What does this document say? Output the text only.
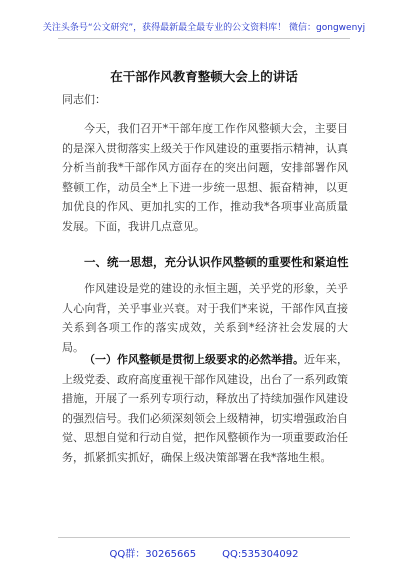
关注头条号“公文研究”，获得最新最全最专业的公文资料库！ 微信：gongwenyj
在干部作风教育整顿大会上的讲话
同志们：
今天，我们召开*干部年度工作作风整顿大会，主要目的是深入贯彻落实上级关于作风建设的重要指示精神，认真分析当前我*干部作风方面存在的突出问题，安排部署作风整顿工作，动员全*上下进一步统一思想、振奋精神，以更加优良的作风、更加扎实的工作，推动我*各项事业高质量发展。下面，我讲几点意见。
一、统一思想，充分认识作风整顿的重要性和紧迫性
作风建设是党的建设的永恒主题，关乎党的形象，关乎人心向背，关乎事业兴衰。对于我们*来说，干部作风直接关系到各项工作的落实成效，关系到*经济社会发展的大局。
（一）作风整顿是贯彻上级要求的必然举措。近年来，上级党委、政府高度重视干部作风建设，出台了一系列政策措施，开展了一系列专项行动，释放出了持续加强作风建设的强烈信号。我们必须深刻领会上级精神，切实增强政治自觉、思想自觉和行动自觉，把作风整顿作为一项重要政治任务，抓紧抓实抓好，确保上级决策部署在我*落地生根。
QQ群：30265665	QQ:535304092
